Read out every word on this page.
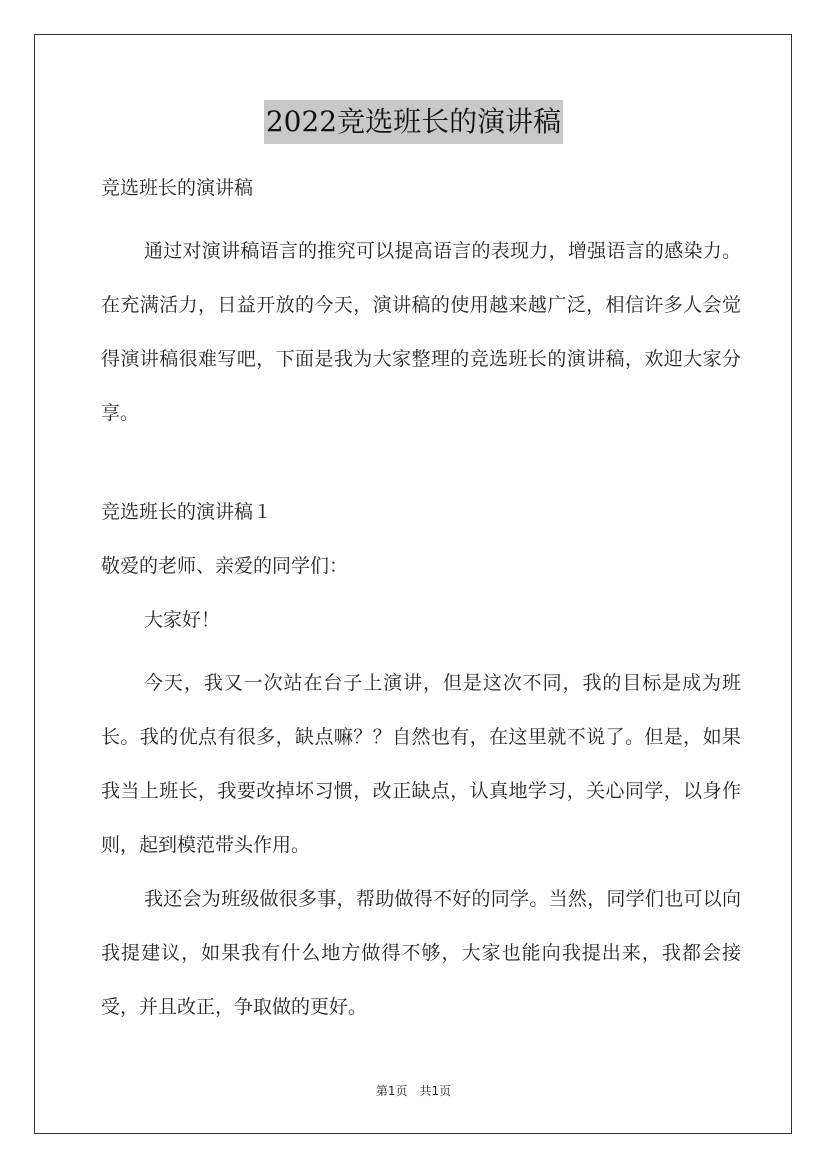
2022竞选班长的演讲稿
竞选班长的演讲稿

通过对演讲稿语言的推究可以提高语言的表现力，增强语言的感染力。在充满活力，日益开放的今天，演讲稿的使用越来越广泛，相信许多人会觉得演讲稿很难写吧，下面是我为大家整理的竞选班长的演讲稿，欢迎大家分享。

竞选班长的演讲稿１
敬爱的老师、亲爱的同学们：

大家好！

今天，我又一次站在台子上演讲，但是这次不同，我的目标是成为班长。我的优点有很多，缺点嘛？？自然也有，在这里就不说了。但是，如果我当上班长，我要改掉坏习惯，改正缺点，认真地学习，关心同学，以身作则，起到模范带头作用。

我还会为班级做很多事，帮助做得不好的同学。当然，同学们也可以向我提建议，如果我有什么地方做得不够，大家也能向我提出来，我都会接受，并且改正，争取做的更好。

第1页　共1页
